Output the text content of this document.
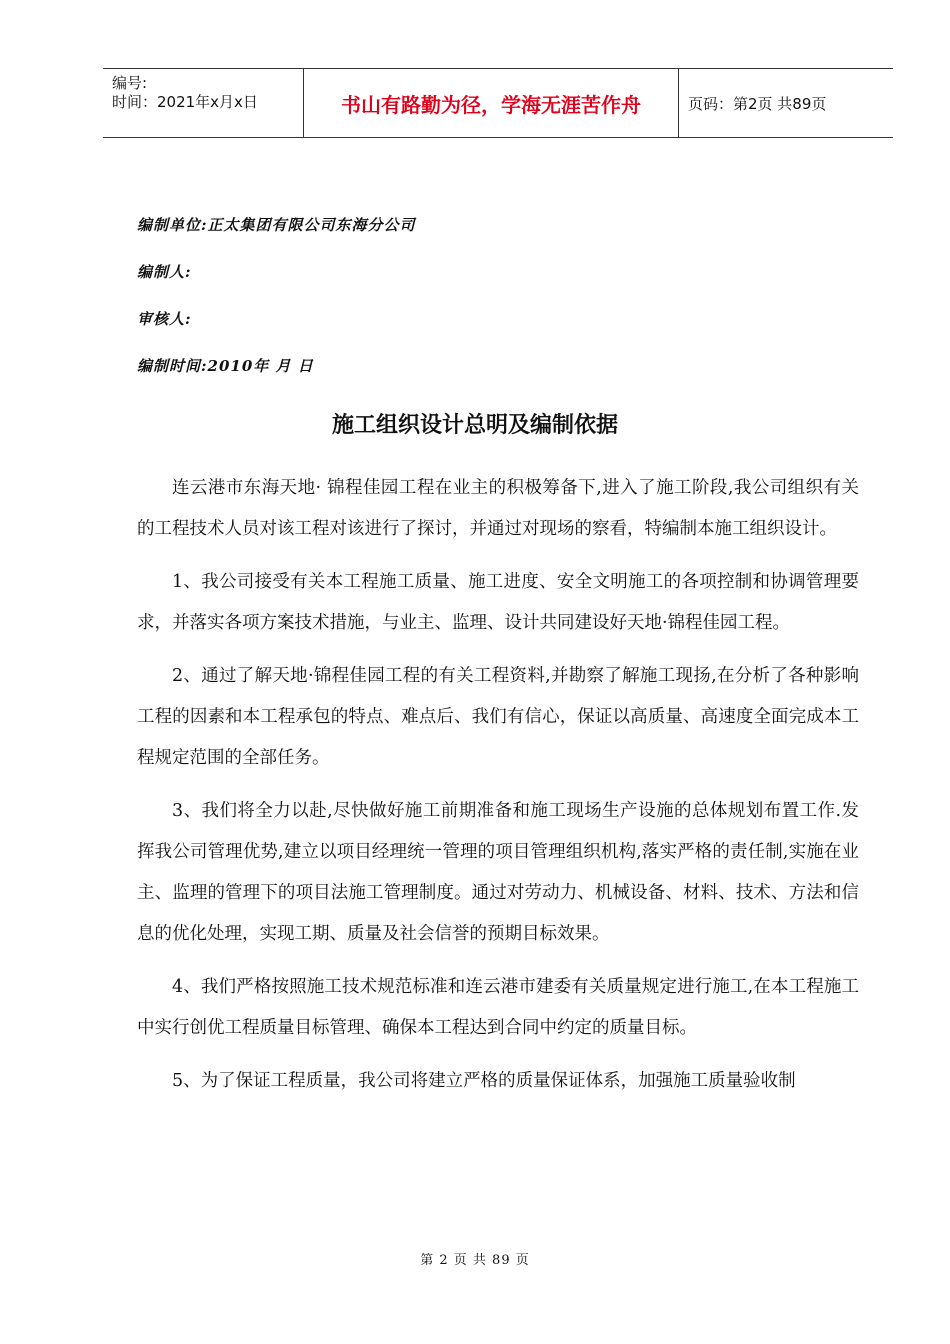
编号:
时间：2021年x月x日	书山有路勤为径，学海无涯苦作舟	页码：第2页 共89页
编制单位:正太集团有限公司东海分公司
编制人:
审核人:
编制时间:2010年 月 日
施工组织设计总明及编制依据

连云港市东海天地· 锦程佳园工程在业主的积极筹备下,进入了施工阶段,我公司组织有关的工程技术人员对该工程对该进行了探讨，并通过对现场的察看，特编制本施工组织设计。

1、我公司接受有关本工程施工质量、施工进度、安全文明施工的各项控制和协调管理要求，并落实各项方案技术措施，与业主、监理、设计共同建设好天地·锦程佳园工程。

2、通过了解天地·锦程佳园工程的有关工程资料,并勘察了解施工现扬,在分析了各种影响工程的因素和本工程承包的特点、难点后、我们有信心，保证以高质量、高速度全面完成本工程规定范围的全部任务。

3、我们将全力以赴,尽快做好施工前期准备和施工现场生产设施的总体规划布置工作.发挥我公司管理优势,建立以项目经理统一管理的项目管理组织机构,落实严格的责任制,实施在业主、监理的管理下的项目法施工管理制度。通过对劳动力、机械设备、材料、技术、方法和信息的优化处理，实现工期、质量及社会信誉的预期目标效果。

4、我们严格按照施工技术规范标准和连云港市建委有关质量规定进行施工,在本工程施工中实行创优工程质量目标管理、确保本工程达到合同中约定的质量目标。

5、为了保证工程质量，我公司将建立严格的质量保证体系，加强施工质量验收制

第 2 页 共 89 页
